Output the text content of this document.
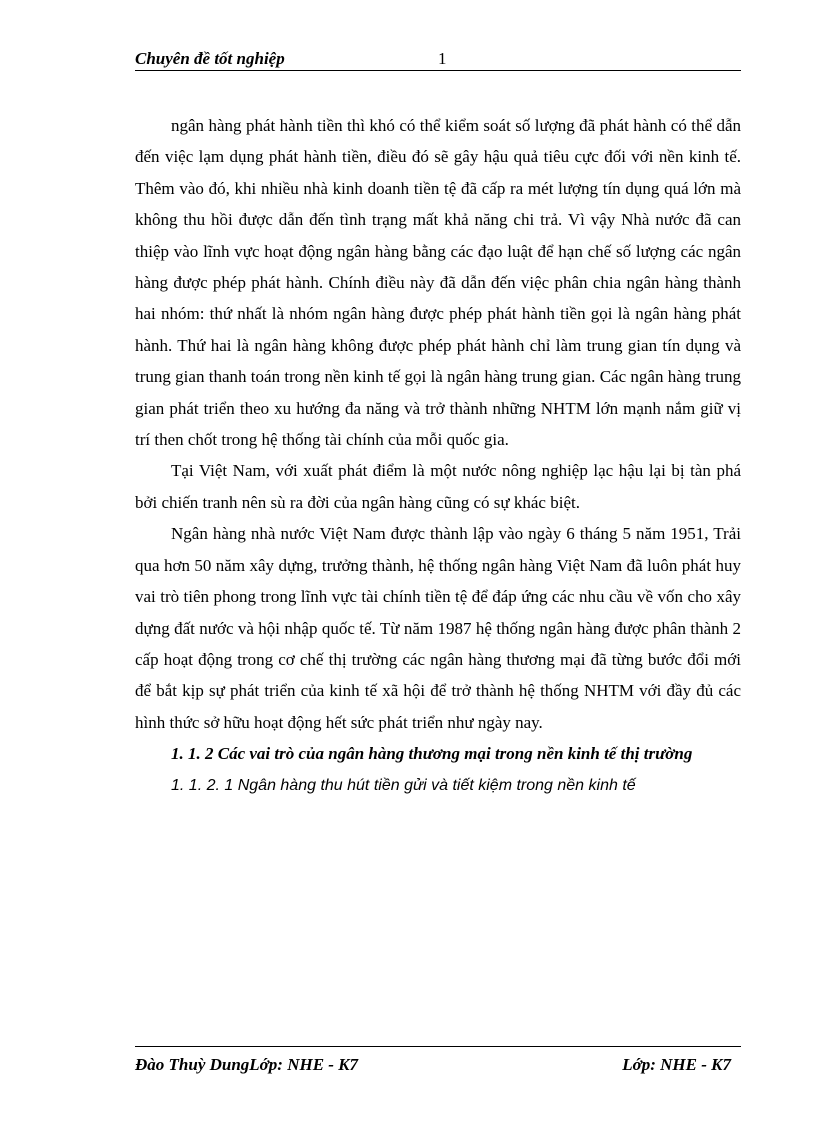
Chuyên đề tốt nghiệp	1

ngân hàng phát hành tiền thì khó có thể kiểm soát số lượng đã phát hành có thể dẫn đến việc lạm dụng phát hành tiền, điều đó sẽ gây hậu quả tiêu cực đối với nền kinh tế. Thêm vào đó, khi nhiều nhà kinh doanh tiền tệ đã cấp ra mét lượng tín dụng quá lớn mà không thu hồi được dẫn đến tình trạng mất khả năng chi trả. Vì vậy Nhà nước đã can thiệp vào lĩnh vực hoạt động ngân hàng bằng các đạo luật để hạn chế số lượng các ngân hàng được phép phát hành. Chính điều này đã dẫn đến việc phân chia ngân hàng thành hai nhóm: thứ nhất là nhóm ngân hàng được phép phát hành tiền gọi là ngân hàng phát hành. Thứ hai là ngân hàng không được phép phát hành chỉ làm trung gian tín dụng và trung gian thanh toán trong nền kinh tế gọi là ngân hàng trung gian. Các ngân hàng trung gian phát triển theo xu hướng đa năng và trở thành những NHTM lớn mạnh nắm giữ vị trí then chốt trong hệ thống tài chính của mỗi quốc gia.

Tại Việt Nam, với xuất phát điểm là một nước nông nghiệp lạc hậu lại bị tàn phá bởi chiến tranh nên sù ra đời của ngân hàng cũng có sự khác biệt.

Ngân hàng nhà nước Việt Nam được thành lập vào ngày 6 tháng 5 năm 1951, Trải qua hơn 50 năm xây dựng, trưởng thành, hệ thống ngân hàng Việt Nam đã luôn phát huy vai trò tiên phong trong lĩnh vực tài chính tiền tệ để đáp ứng các nhu cầu về vốn cho xây dựng đất nước và hội nhập quốc tế. Từ năm 1987 hệ thống ngân hàng được phân thành 2 cấp hoạt động trong cơ chế thị trường các ngân hàng thương mại đã từng bước đổi mới để bắt kịp sự phát triển của kinh tế xã hội để trở thành hệ thống NHTM với đầy đủ các hình thức sở hữu hoạt động hết sức phát triển như ngày nay.

1. 1. 2 Các vai trò của ngân hàng thương mại trong nền kinh tế thị trường

1. 1. 2. 1 Ngân hàng thu hút tiền gửi và tiết kiệm trong nền kinh tế

Đào Thuỳ DungLớp: NHE - K7	Lớp: NHE - K7
